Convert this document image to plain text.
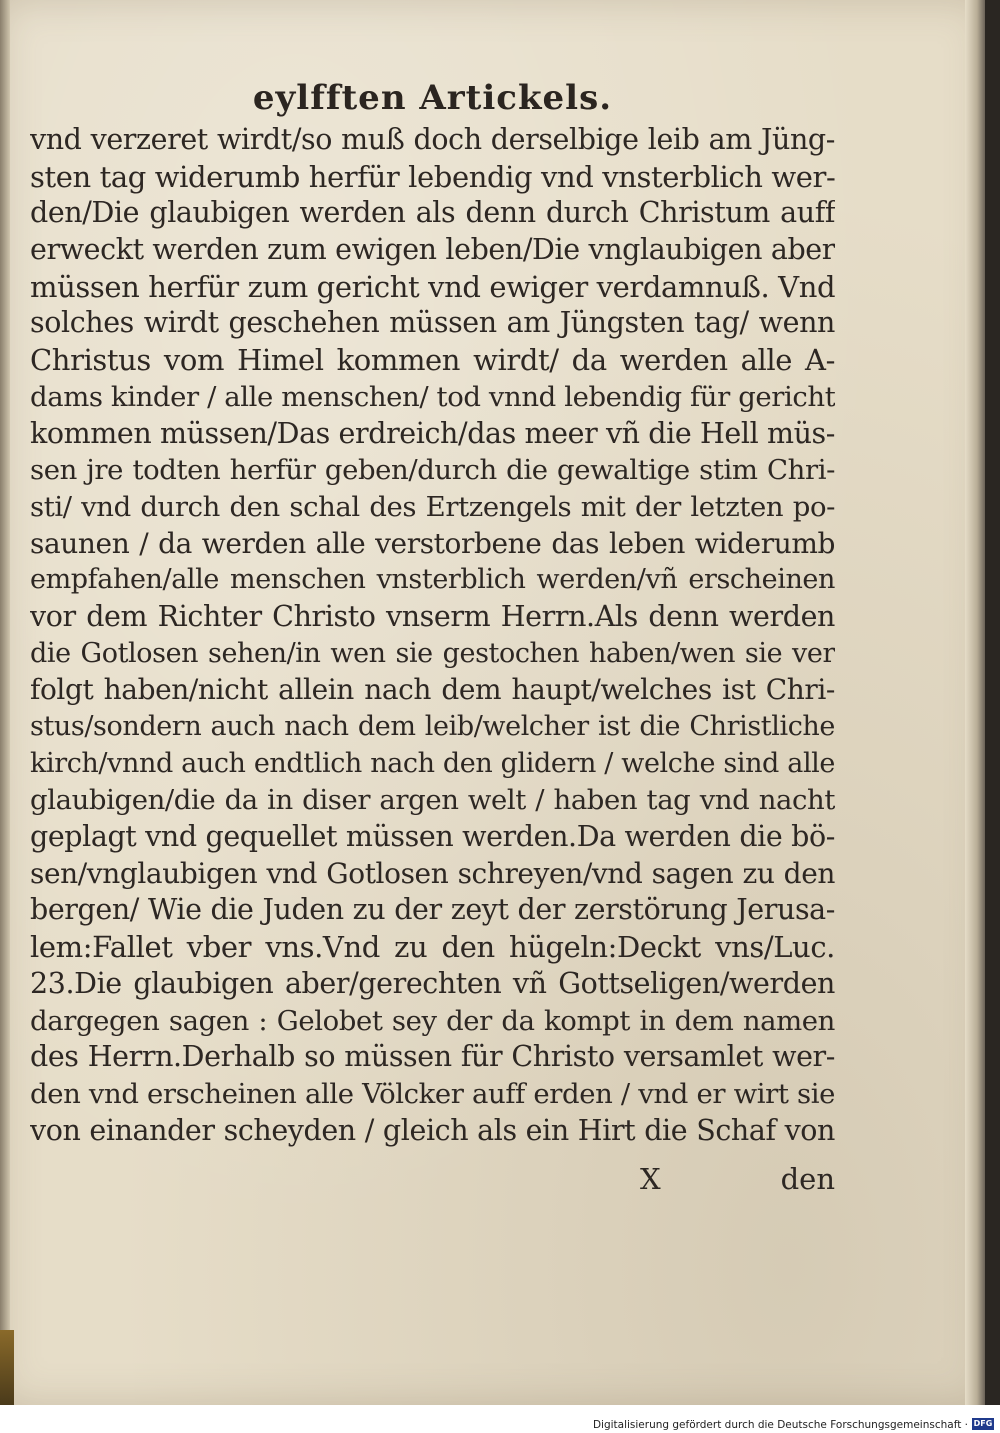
eylfften Artickels.
vnd verzeret wirdt/so muß doch derselbige leib am Jüng-
sten tag widerumb herfür lebendig vnd vnsterblich wer-
den/Die glaubigen werden als denn durch Christum auff
erweckt werden zum ewigen leben/Die vnglaubigen aber
müssen herfür zum gericht vnd ewiger verdamnuß. Vnd
solches wirdt geschehen müssen am Jüngsten tag/ wenn
Christus vom Himel kommen wirdt/ da werden alle A-
dams kinder / alle menschen/ tod vnnd lebendig für gericht
kommen müssen/Das erdreich/das meer vñ die Hell müs-
sen jre todten herfür geben/durch die gewaltige stim Chri-
sti/ vnd durch den schal des Ertzengels mit der letzten po-
saunen / da werden alle verstorbene das leben widerumb
empfahen/alle menschen vnsterblich werden/vñ erscheinen
vor dem Richter Christo vnserm Herrn.Als denn werden
die Gotlosen sehen/in wen sie gestochen haben/wen sie ver
folgt haben/nicht allein nach dem haupt/welches ist Chri-
stus/sondern auch nach dem leib/welcher ist die Christliche
kirch/vnnd auch endtlich nach den glidern / welche sind alle
glaubigen/die da in diser argen welt / haben tag vnd nacht
geplagt vnd gequellet müssen werden.Da werden die bö-
sen/vnglaubigen vnd Gotlosen schreyen/vnd sagen zu den
bergen/ Wie die Juden zu der zeyt der zerstörung Jerusa-
lem:Fallet vber vns.Vnd zu den hügeln:Deckt vns/Luc.
23.Die glaubigen aber/gerechten vñ Gottseligen/werden
dargegen sagen : Gelobet sey der da kompt in dem namen
des Herrn.Derhalb so müssen für Christo versamlet wer-
den vnd erscheinen alle Völcker auff erden / vnd er wirt sie
von einander scheyden / gleich als ein Hirt die Schaf von
X	den
Digitalisierung gefördert durch die Deutsche Forschungsgemeinschaft · DFG
